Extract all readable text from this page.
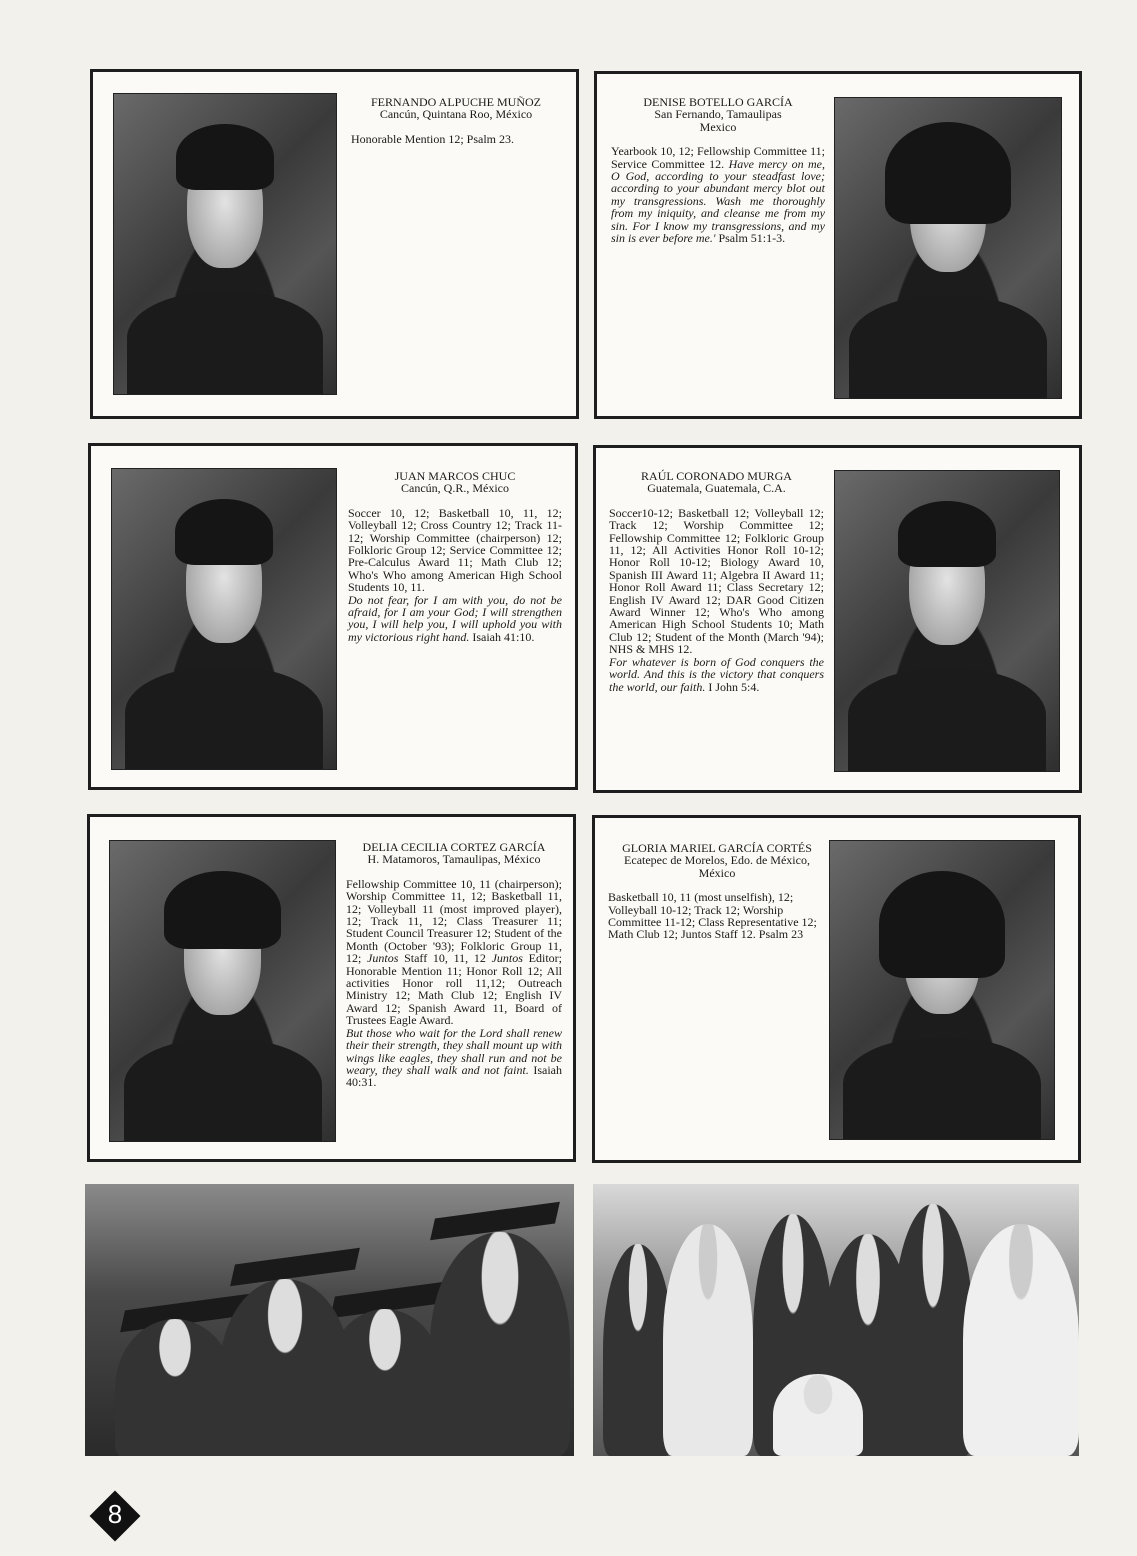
FERNANDO ALPUCHE MUÑOZ
Cancún, Quintana Roo, México
Honorable Mention 12; Psalm 23.
DENISE BOTELLO GARCÍA
San Fernando, Tamaulipas
Mexico
Yearbook 10, 12; Fellowship Committee 11; Service Committee 12. Have mercy on me, O God, according to your steadfast love; according to your abundant mercy blot out my transgressions. Wash me thoroughly from my iniquity, and cleanse me from my sin. For I know my transgressions, and my sin is ever before me.' Psalm 51:1-3.
JUAN MARCOS CHUC
Cancún, Q.R., México
Soccer 10, 12; Basketball 10, 11, 12; Volleyball 12; Cross Country 12; Track 11-12; Worship Committee (chairperson) 12; Folkloric Group 12; Service Committee 12; Pre-Calculus Award 11; Math Club 12; Who's Who among American High School Students 10, 11.
Do not fear, for I am with you, do not be afraid, for I am your God; I will strengthen you, I will help you, I will uphold you with my victorious right hand. Isaiah 41:10.
RAÚL CORONADO MURGA
Guatemala, Guatemala, C.A.
Soccer10-12; Basketball 12; Volleyball 12; Track 12; Worship Committee 12; Fellowship Committee 12; Folkloric Group 11, 12; All Activities Honor Roll 10-12; Honor Roll 10-12; Biology Award 10, Spanish III Award 11; Algebra II Award 11; Honor Roll Award 11; Class Secretary 12; English IV Award 12; DAR Good Citizen Award Winner 12; Who's Who among American High School Students 10; Math Club 12; Student of the Month (March '94); NHS & MHS 12.
For whatever is born of God conquers the world. And this is the victory that conquers the world, our faith. I John 5:4.
DELIA CECILIA CORTEZ GARCÍA
H. Matamoros, Tamaulipas, México
Fellowship Committee 10, 11 (chairperson); Worship Committee 11, 12; Basketball 11, 12; Volleyball 11 (most improved player), 12; Track 11, 12; Class Treasurer 11; Student Council Treasurer 12; Student of the Month (October '93); Folkloric Group 11, 12; Juntos Staff 10, 11, 12 Juntos Editor; Honorable Mention 11; Honor Roll 12; All activities Honor roll 11,12; Outreach Ministry 12; Math Club 12; English IV Award 12; Spanish Award 11, Board of Trustees Eagle Award.
But those who wait for the Lord shall renew their their strength, they shall mount up with wings like eagles, they shall run and not be weary, they shall walk and not faint. Isaiah 40:31.
GLORIA MARIEL GARCÍA CORTÉS
Ecatepec de Morelos, Edo. de México,
México
Basketball 10, 11 (most unselfish), 12; Volleyball 10-12; Track 12; Worship Committee 11-12; Class Representative 12; Math Club 12; Juntos Staff 12. Psalm 23
8
